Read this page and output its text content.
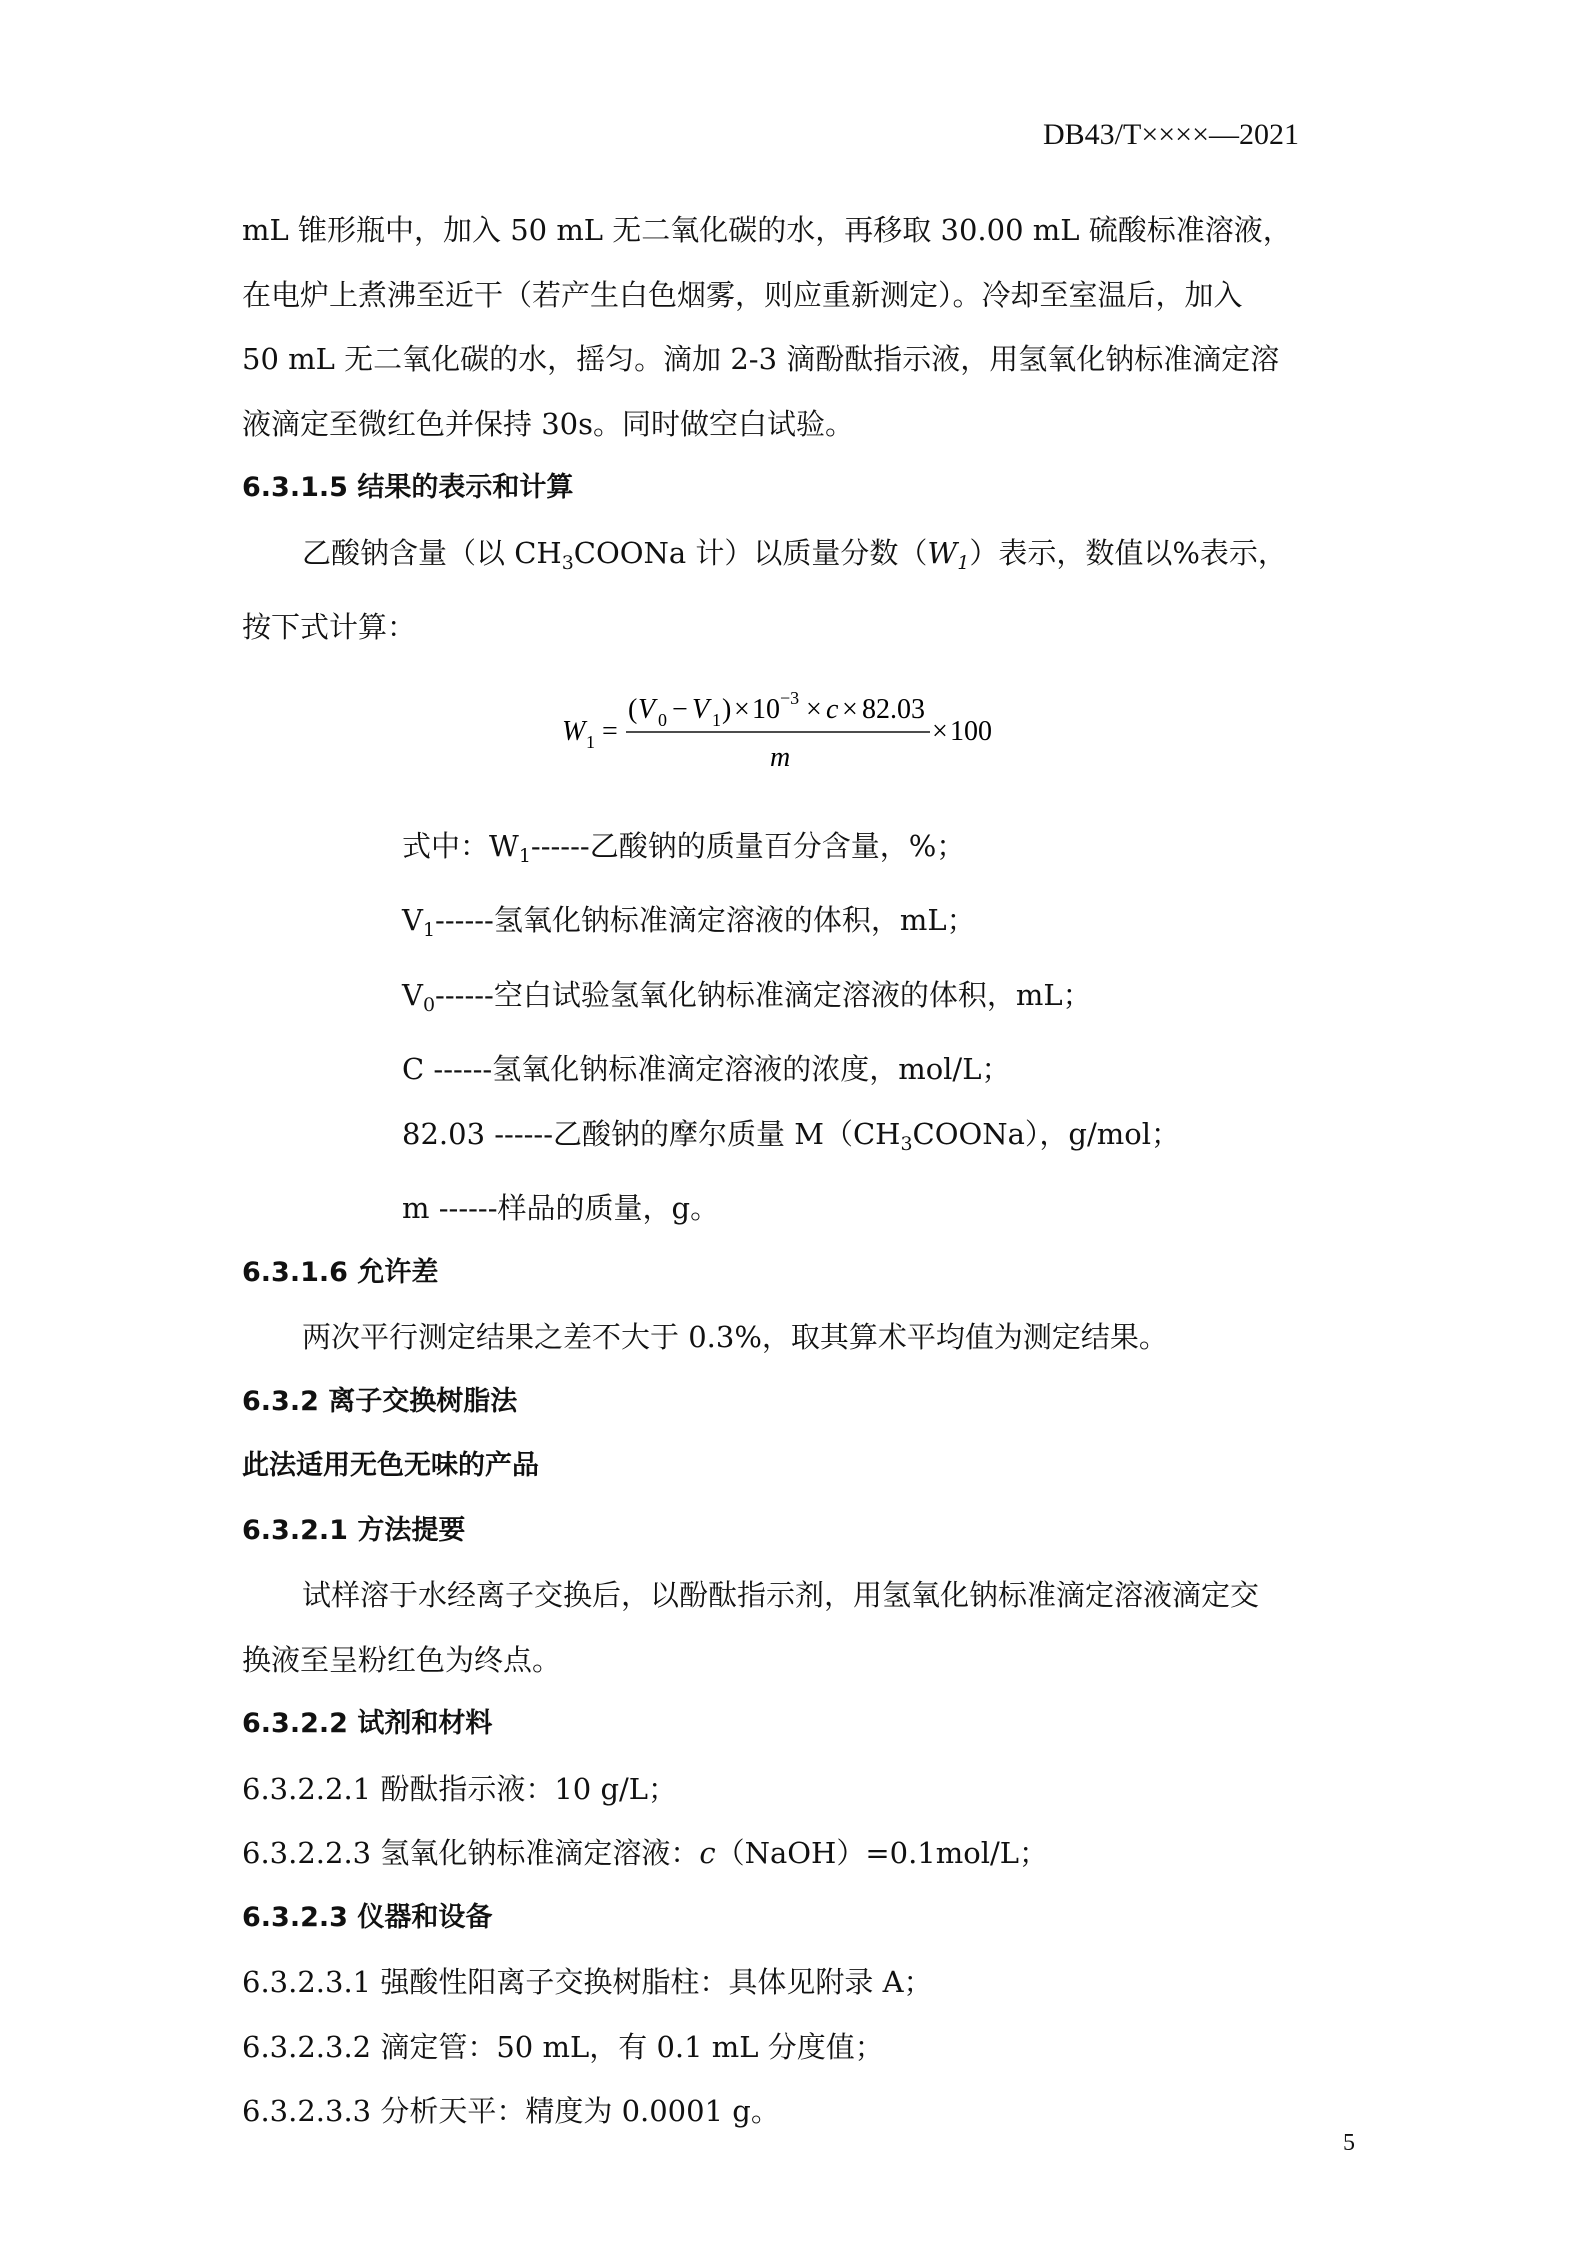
DB43/T××××—2021

mL 锥形瓶中，加入 50 mL 无二氧化碳的水，再移取 30.00 mL 硫酸标准溶液，

在电炉上煮沸至近干（若产生白色烟雾，则应重新测定）。冷却至室温后，加入

50 mL 无二氧化碳的水，摇匀。滴加 2-3 滴酚酞指示液，用氢氧化钠标准滴定溶

液滴定至微红色并保持 30s。同时做空白试验。

6.3.1.5 结果的表示和计算

乙酸钠含量（以 $CH_3COONa$ 计）以质量分数$(W_1)$表示，数值以%表示，

按下式计算：

W 1 =
( V 0 − V 1 ) × 10 −3 × c × 82.03
m
× 100

式中：$W_1------$乙酸钠的质量百分含量，%；

$V_1------$氢氧化钠标准滴定溶液的体积，mL；

$V_0------$空白试验氢氧化钠标准滴定溶液的体积，mL；

C ------氢氧化钠标准滴定溶液的浓度，mol/L；

82.03 ------乙酸钠的摩尔质量 $M(CH_3COONa)$，g/mol；

m ------样品的质量，g。

6.3.1.6 允许差

两次平行测定结果之差不大于 0.3%，取其算术平均值为测定结果。

6.3.2 离子交换树脂法

此法适用无色无味的产品

6.3.2.1 方法提要

试样溶于水经离子交换后，以酚酞指示剂，用氢氧化钠标准滴定溶液滴定交

换液至呈粉红色为终点。

6.3.2.2 试剂和材料

6.3.2.2.1 酚酞指示液：10 g/L；

6.3.2.2.3 氢氧化钠标准滴定溶液：c（NaOH）=0.1mol/L；

6.3.2.3 仪器和设备

6.3.2.3.1 强酸性阳离子交换树脂柱：具体见附录 A；

6.3.2.3.2 滴定管：50 mL，有 0.1 mL 分度值；

6.3.2.3.3 分析天平：精度为 0.0001 g。

5
